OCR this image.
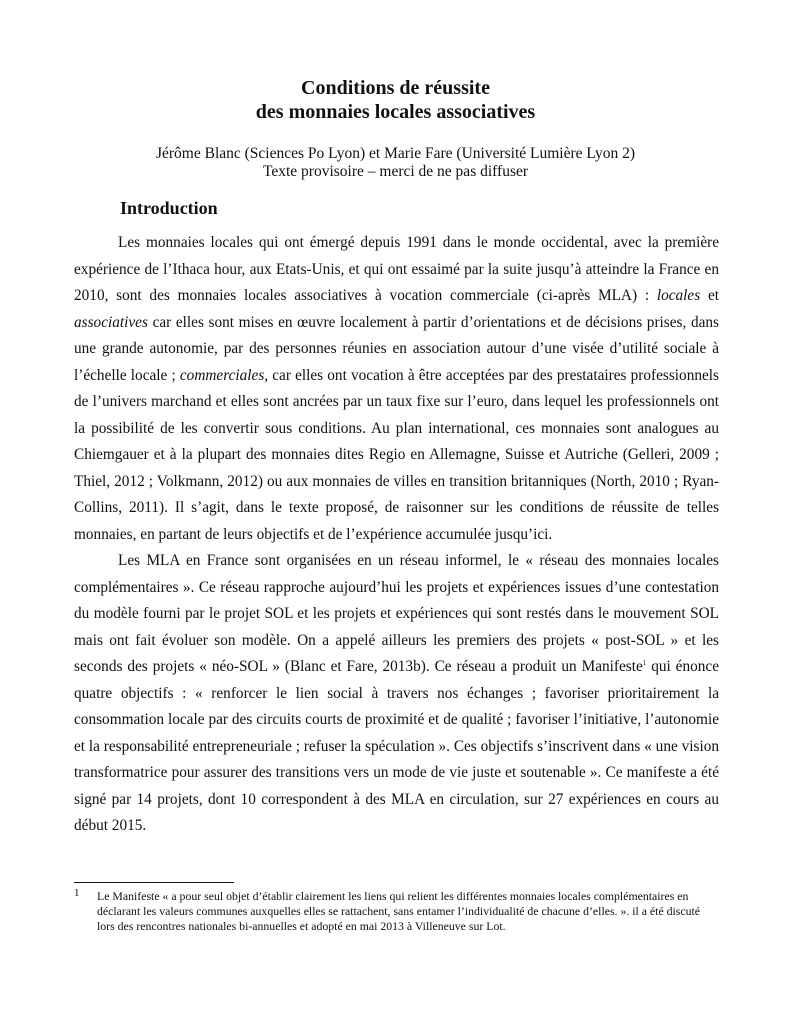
Conditions de réussite
des monnaies locales associatives
Jérôme Blanc (Sciences Po Lyon) et Marie Fare (Université Lumière Lyon 2)
Texte provisoire – merci de ne pas diffuser
Introduction

Les monnaies locales qui ont émergé depuis 1991 dans le monde occidental, avec la première expérience de l’Ithaca hour, aux Etats-Unis, et qui ont essaimé par la suite jusqu’à atteindre la France en 2010, sont des monnaies locales associatives à vocation commerciale (ci-après MLA) : locales et associatives car elles sont mises en œuvre localement à partir d’orientations et de décisions prises, dans une grande autonomie, par des personnes réunies en association autour d’une visée d’utilité sociale à l’échelle locale ; commerciales, car elles ont vocation à être acceptées par des prestataires professionnels de l’univers marchand et elles sont ancrées par un taux fixe sur l’euro, dans lequel les professionnels ont la possibilité de les convertir sous conditions. Au plan international, ces monnaies sont analogues au Chiemgauer et à la plupart des monnaies dites Regio en Allemagne, Suisse et Autriche (Gelleri, 2009 ; Thiel, 2012 ; Volkmann, 2012) ou aux monnaies de villes en transition britanniques (North, 2010 ; Ryan-Collins, 2011). Il s’agit, dans le texte proposé, de raisonner sur les conditions de réussite de telles monnaies, en partant de leurs objectifs et de l’expérience accumulée jusqu’ici.

Les MLA en France sont organisées en un réseau informel, le « réseau des monnaies locales complémentaires ». Ce réseau rapproche aujourd’hui les projets et expériences issues d’une contestation du modèle fourni par le projet SOL et les projets et expériences qui sont restés dans le mouvement SOL mais ont fait évoluer son modèle. On a appelé ailleurs les premiers des projets « post-SOL » et les seconds des projets « néo-SOL » (Blanc et Fare, 2013b). Ce réseau a produit un Manifeste$^1$ qui énonce quatre objectifs : « renforcer le lien social à travers nos échanges ; favoriser prioritairement la consommation locale par des circuits courts de proximité et de qualité ; favoriser l’initiative, l’autonomie et la responsabilité entrepreneuriale ; refuser la spéculation ». Ces objectifs s’inscrivent dans « une vision transformatrice pour assurer des transitions vers un mode de vie juste et soutenable ». Ce manifeste a été signé par 14 projets, dont 10 correspondent à des MLA en circulation, sur 27 expériences en cours au début 2015.

1	Le Manifeste « a pour seul objet d’établir clairement les liens qui relient les différentes monnaies locales complémentaires en déclarant les valeurs communes auxquelles elles se rattachent, sans entamer l’individualité de chacune d’elles. ». il a été discuté lors des rencontres nationales bi-annuelles et adopté en mai 2013 à Villeneuve sur Lot.
